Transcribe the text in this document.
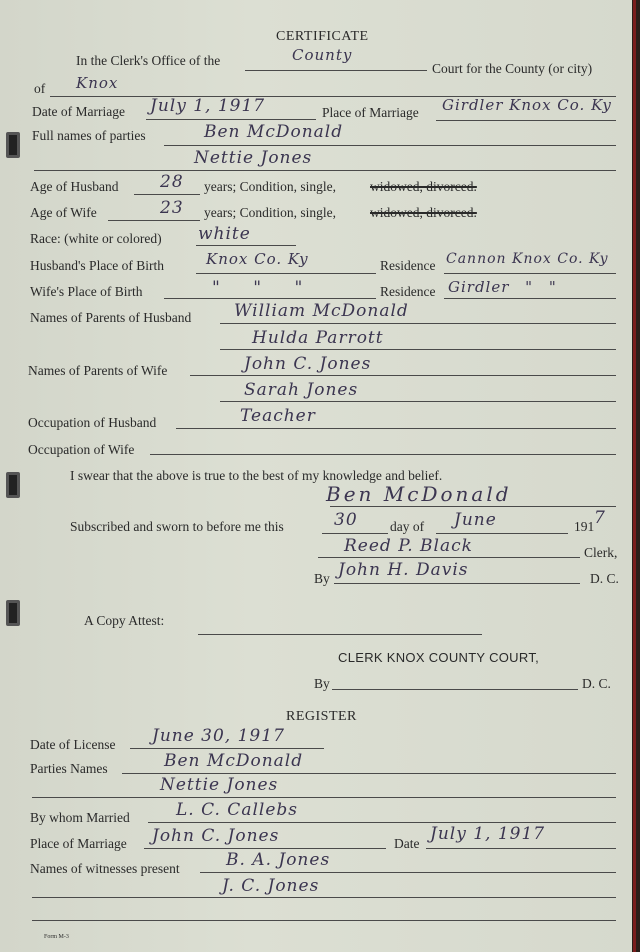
CERTIFICATE
In the Clerk's Office of the	County
Court for the County (or city)
of Knox
Date of Marriage July 1, 1917	Place of Marriage Girdler Knox Co. Ky
Full names of parties	Ben McDonald
Nettie Jones
Age of Husband 28 years; Condition, single,	widowed, divorced.
Age of Wife	23 years; Condition, single,	widowed, divorced.
Race: (white or colored) white
Husband's Place of Birth	Knox Co. Ky	Residence Cannon Knox Co. Ky
Wife's Place of Birth	" " "	Residence Girdler " "
Names of Parents of Husband	William McDonald
Hulda Parrott
Names of Parents of Wife	John C. Jones
Sarah Jones
Occupation of Husband	Teacher
Occupation of Wife
I swear that the above is true to the best of my knowledge and belief.
Ben McDonald
Subscribed and sworn to before me this	30 day of June	191 7
Reed P. Black	Clerk,
By John H. Davis	D. C.
A Copy Attest:
CLERK KNOX COUNTY COURT,
By	D. C.
REGISTER
Date of License June 30, 1917
Parties Names	Ben McDonald
Nettie Jones
By whom Married	L. C. Callebs
Place of Marriage John C. Jones	Date July 1, 1917
Names of witnesses present	B. A. Jones
J. C. Jones
Form M-3
